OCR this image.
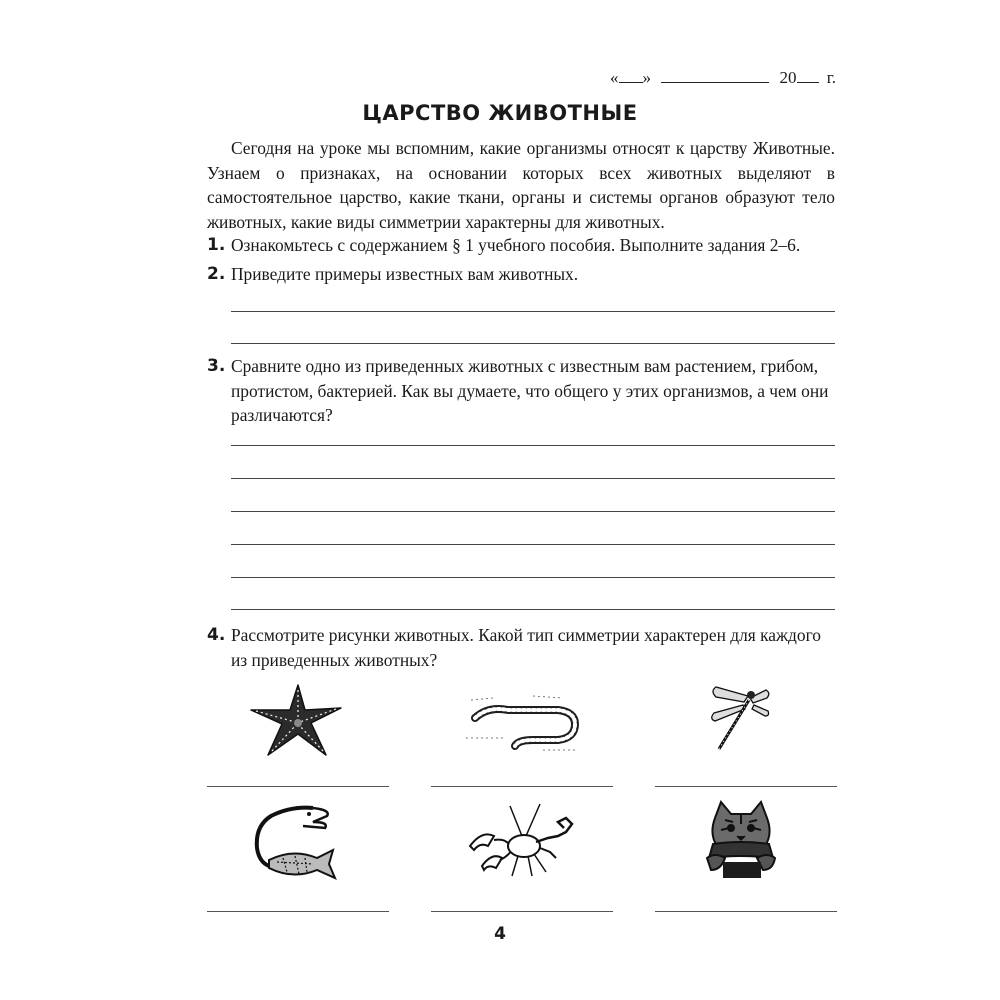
« »	20 г.
ЦАРСТВО ЖИВОТНЫЕ

Сегодня на уроке мы вспомним, какие организмы относят к царству Животные. Узнаем о признаках, на основании которых всех животных выделяют в самостоятельное царство, какие ткани, органы и системы органов образуют тело животных, какие виды симметрии характерны для животных.

1. Ознакомьтесь с содержанием § 1 учебного пособия. Выполните задания 2–6.

2. Приведите примеры известных вам животных.

3. Сравните одно из приведенных животных с известным вам растением, грибом, протистом, бактерией. Как вы думаете, что общего у этих организмов, а чем они различаются?

4. Рассмотрите рисунки животных. Какой тип симметрии характерен для каждого из приведенных животных?

4
